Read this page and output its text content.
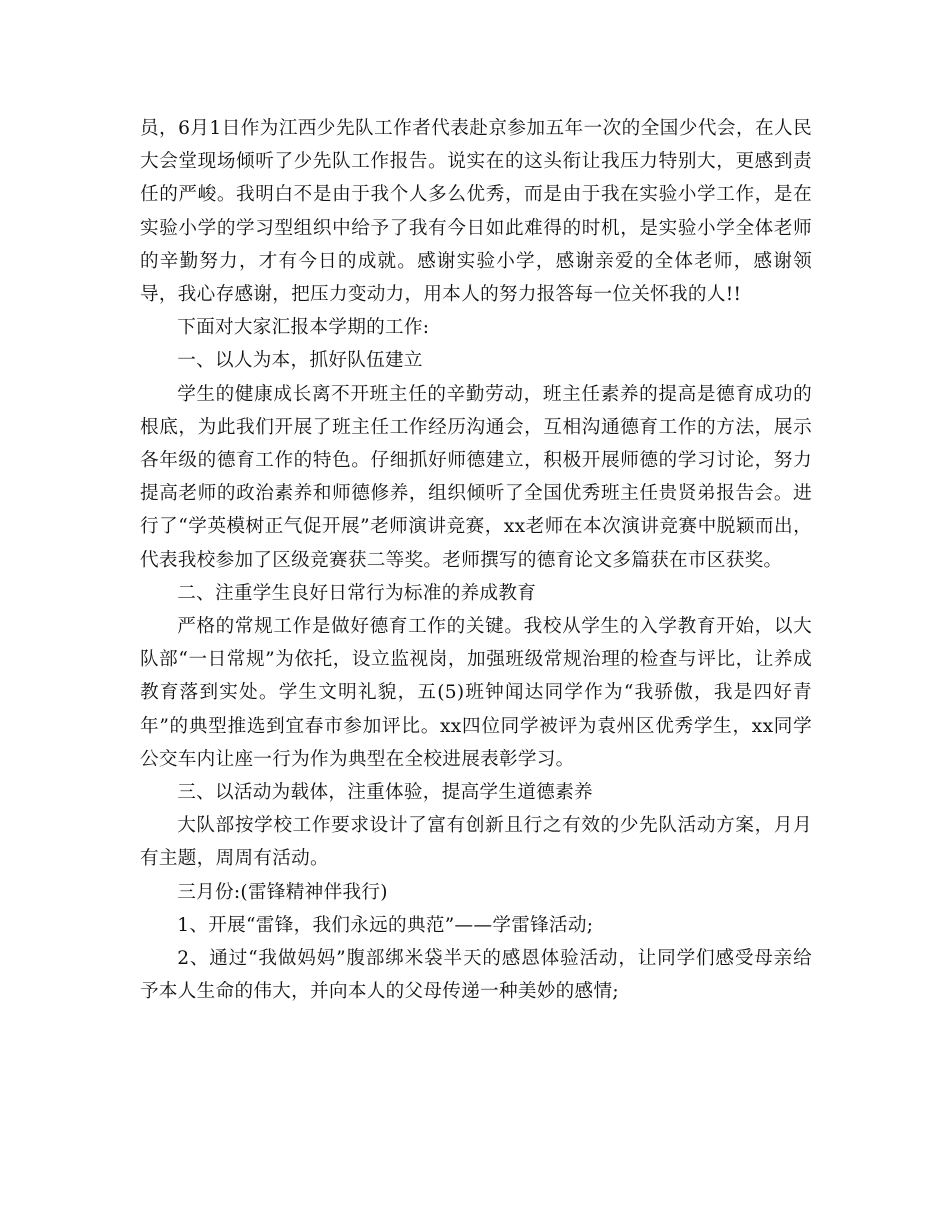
员，6月1日作为江西少先队工作者代表赴京参加五年一次的全国少代会，在人民大会堂现场倾听了少先队工作报告。说实在的这头衔让我压力特别大，更感到责任的严峻。我明白不是由于我个人多么优秀，而是由于我在实验小学工作，是在实验小学的学习型组织中给予了我有今日如此难得的时机，是实验小学全体老师的辛勤努力，才有今日的成就。感谢实验小学，感谢亲爱的全体老师，感谢领导，我心存感谢，把压力变动力，用本人的努力报答每一位关怀我的人!!

下面对大家汇报本学期的工作:

一、以人为本，抓好队伍建立

学生的健康成长离不开班主任的辛勤劳动，班主任素养的提高是德育成功的根底，为此我们开展了班主任工作经历沟通会，互相沟通德育工作的方法，展示各年级的德育工作的特色。仔细抓好师德建立，积极开展师德的学习讨论，努力提高老师的政治素养和师德修养，组织倾听了全国优秀班主任贵贤弟报告会。进行了“学英模树正气促开展”老师演讲竞赛，xx老师在本次演讲竞赛中脱颖而出，代表我校参加了区级竞赛获二等奖。老师撰写的德育论文多篇获在市区获奖。

二、注重学生良好日常行为标准的养成教育

严格的常规工作是做好德育工作的关键。我校从学生的入学教育开始，以大队部“一日常规”为依托，设立监视岗，加强班级常规治理的检查与评比，让养成教育落到实处。学生文明礼貌，五(5)班钟闻达同学作为“我骄傲，我是四好青年”的典型推选到宜春市参加评比。xx四位同学被评为袁州区优秀学生，xx同学公交车内让座一行为作为典型在全校进展表彰学习。

三、以活动为载体，注重体验，提高学生道德素养

大队部按学校工作要求设计了富有创新且行之有效的少先队活动方案，月月有主题，周周有活动。

三月份:(雷锋精神伴我行)

1、开展“雷锋，我们永远的典范”——学雷锋活动;

2、通过“我做妈妈”腹部绑米袋半天的感恩体验活动，让同学们感受母亲给予本人生命的伟大，并向本人的父母传递一种美妙的感情;
